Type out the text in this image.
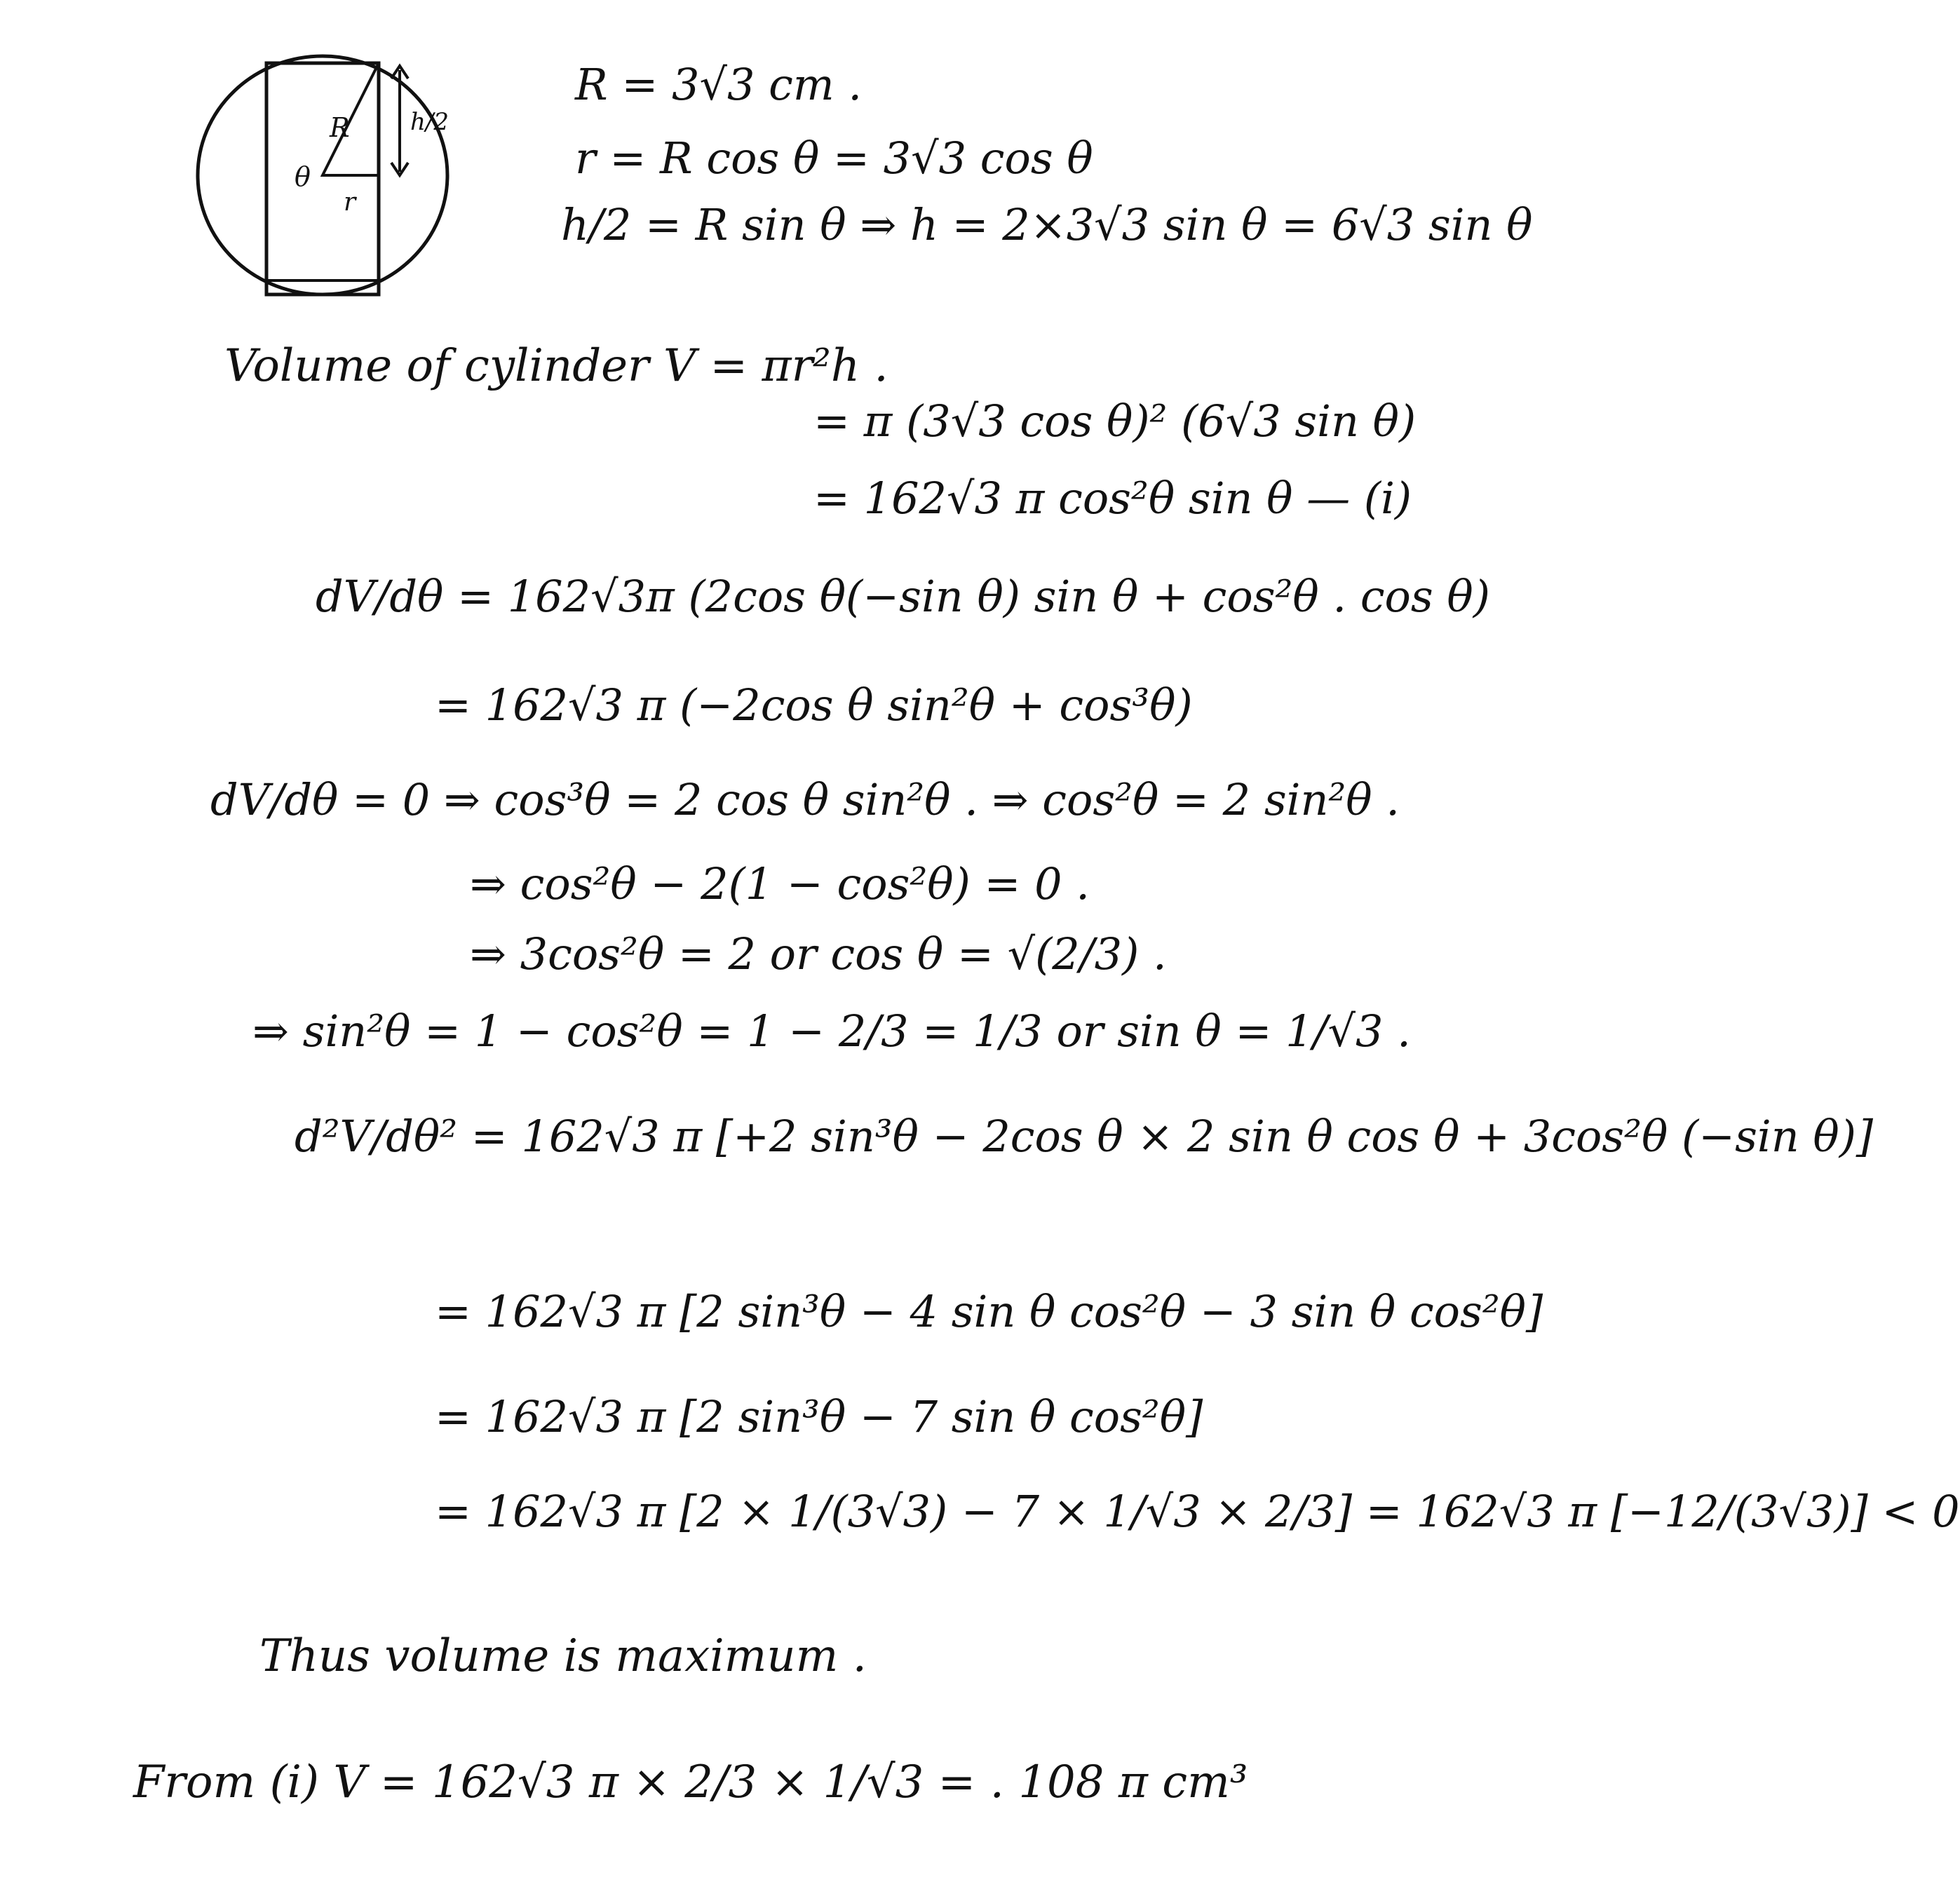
θ
R
r
h/2
R = 3√3 cm .
r = R cos θ = 3√3 cos θ
h/2 = R sin θ ⇒ h = 2×3√3 sin θ = 6√3 sin θ
Volume of cylinder V = πr²h .
= π (3√3 cos θ)² (6√3 sin θ)
= 162√3 π cos²θ sin θ — (i)
dV/dθ = 162√3π (2cos θ(−sin θ) sin θ + cos²θ . cos θ)
= 162√3 π (−2cos θ sin²θ + cos³θ)
dV/dθ = 0 ⇒ cos³θ = 2 cos θ sin²θ . ⇒ cos²θ = 2 sin²θ .
⇒ cos²θ − 2(1 − cos²θ) = 0 .
⇒ 3cos²θ = 2 or cos θ = √(2/3) .
⇒ sin²θ = 1 − cos²θ = 1 − 2/3 = 1/3 or sin θ = 1/√3 .
d²V/dθ² = 162√3 π [+2 sin³θ − 2cos θ × 2 sin θ cos θ + 3cos²θ (−sin θ)]
= 162√3 π [2 sin³θ − 4 sin θ cos²θ − 3 sin θ cos²θ]
= 162√3 π [2 sin³θ − 7 sin θ cos²θ]
= 162√3 π [2 × 1/(3√3) − 7 × 1/√3 × 2/3] = 162√3 π [−12/(3√3)] < 0
Thus volume is maximum .
From (i) V = 162√3 π × 2/3 × 1/√3 = . 108 π cm³
